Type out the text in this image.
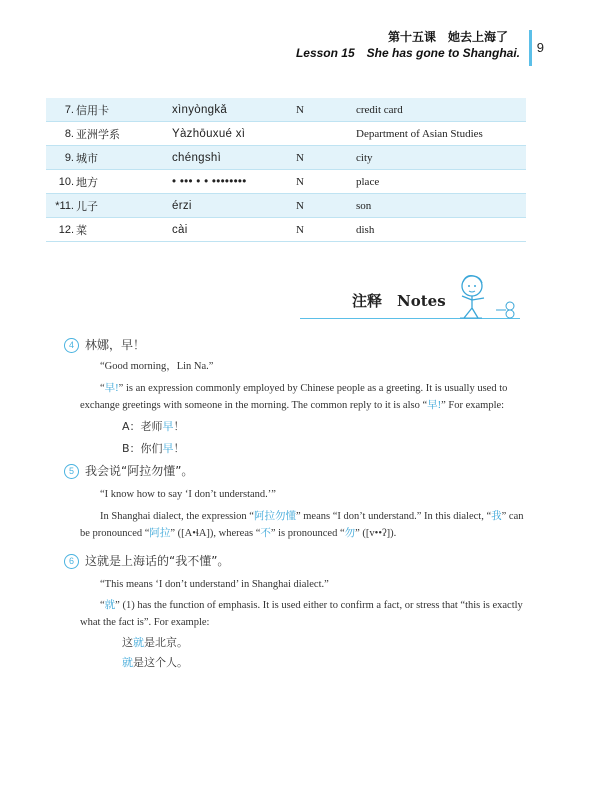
第十五课　她去上海了
Lesson 15　She has gone to Shanghai. 9
7.	信用卡	xìnyòngkǎ	N	credit card
8.	亚洲学系	Yàzhōuxué xì		Department of Asian Studies
9.	城市	chéngshì	N	city
10.	地方	• ••• • • ••••••••	N	place
*11.	儿子	érzi	N	son
12.	菜	cài	N	dish
注释　Notes
4 林娜，早！
“Good morning，Lin Na.”
“早!” is an expression commonly employed by Chinese people as a greeting. It is usually used to
exchange greetings with someone in the morning. The common reply to it is also “早!” For example:
A：老师早！
B：你们早！
5 我会说“阿拉勿懂”。
“I know how to say ‘I don’t understand.’”
In Shanghai dialect, the expression “阿拉勿懂” means “I don’t understand.” In this dialect, “我” can
be pronounced “阿拉” ([A•ɬA]), whereas “不” is pronounced “勿” ([v••ʔ]).
6 这就是上海话的“我不懂”。
“This means ‘I don’t understand’ in Shanghai dialect.”
“就” (1) has the function of emphasis. It is used either to confirm a fact, or stress that “this is exactly
what the fact is”. For example:
这就是北京。
就是这个人。
